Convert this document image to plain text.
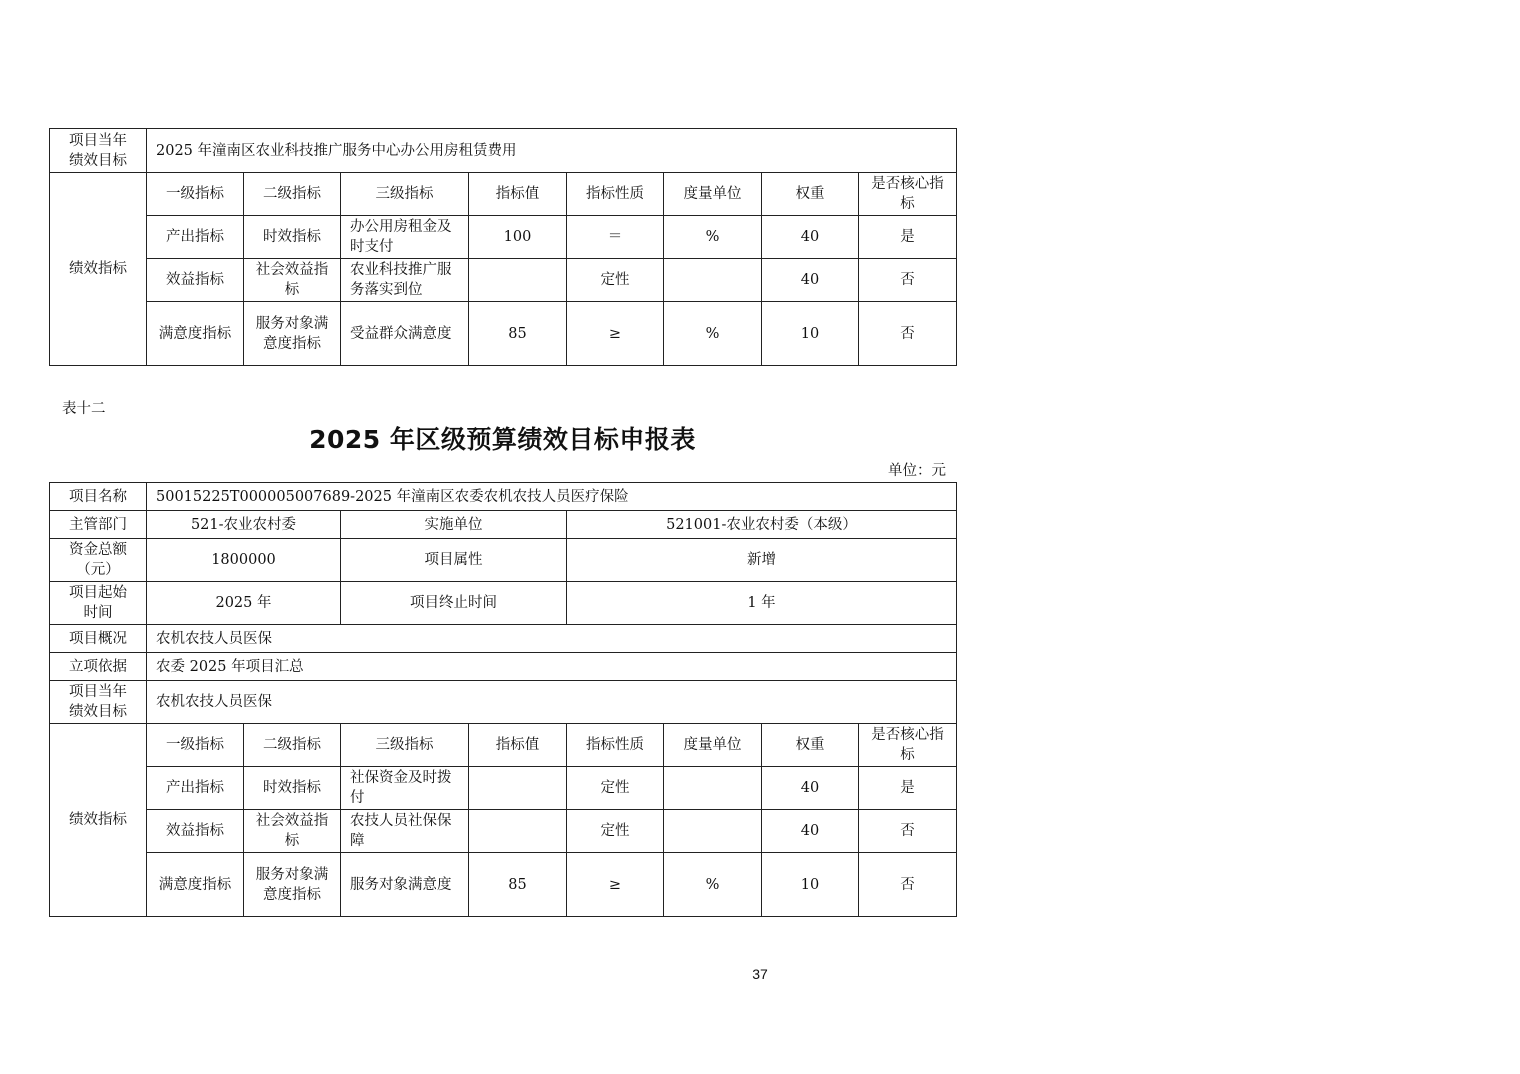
项目当年
绩效目标	2025 年潼南区农业科技推广服务中心办公用房租赁费用							
绩效指标	一级指标	二级指标	三级指标	指标值	指标性质	度量单位	权重	是否核心指标
	产出指标	时效指标	办公用房租金及时支付	100	＝	%	40	是
	效益指标	社会效益指标	农业科技推广服务落实到位		定性		40	否
	满意度指标	服务对象满意度指标	受益群众满意度	85	≥	%	10	否
表十二
2025 年区级预算绩效目标申报表
单位：元
项目名称	50015225T000005007689-2025 年潼南区农委农机农技人员医疗保险							
主管部门	521-农业农村委		实施单位		521001-农业农村委（本级）			
资金总额
（元）	1800000		项目属性		新增			
项目起始
时间	2025 年		项目终止时间		1 年			
项目概况	农机农技人员医保							
立项依据	农委 2025 年项目汇总							
项目当年
绩效目标	农机农技人员医保							
绩效指标	一级指标	二级指标	三级指标	指标值	指标性质	度量单位	权重	是否核心指标
	产出指标	时效指标	社保资金及时拨付		定性		40	是
	效益指标	社会效益指标	农技人员社保保障		定性		40	否
	满意度指标	服务对象满意度指标	服务对象满意度	85	≥	%	10	否
37
